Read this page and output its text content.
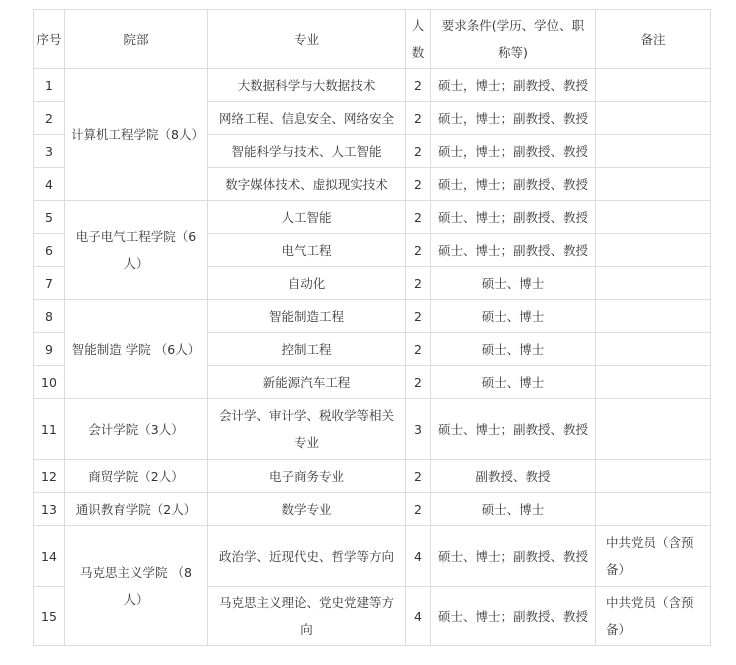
序号	院部	专业	人数	要求条件(学历、学位、职称等)	备注
1	计算机工程学院（8人）	大数据科学与大数据技术	2	硕士，博士；副教授、教授	
2		网络工程、信息安全、网络安全	2	硕士，博士；副教授、教授	
3		智能科学与技术、人工智能	2	硕士，博士；副教授、教授	
4		数字媒体技术、虚拟现实技术	2	硕士，博士；副教授、教授	
5	电子电气工程学院（6人）	人工智能	2	硕士、博士；副教授、教授	
6		电气工程	2	硕士、博士；副教授、教授	
7		自动化	2	硕士、博士	
8	智能制造 学院 （6人）	智能制造工程	2	硕士、博士	
9		控制工程	2	硕士、博士	
10		新能源汽车工程	2	硕士、博士	
11	会计学院（3人）	会计学、审计学、税收学等相关专业	3	硕士、博士；副教授、教授	
12	商贸学院（2人）	电子商务专业	2	副教授、教授	
13	通识教育学院（2人）	数学专业	2	硕士、博士	
14	马克思主义学院 （8人）	政治学、近现代史、哲学等方向	4	硕士、博士；副教授、教授	中共党员（含预备）
15		马克思主义理论、党史党建等方向	4	硕士、博士；副教授、教授	中共党员（含预备）
